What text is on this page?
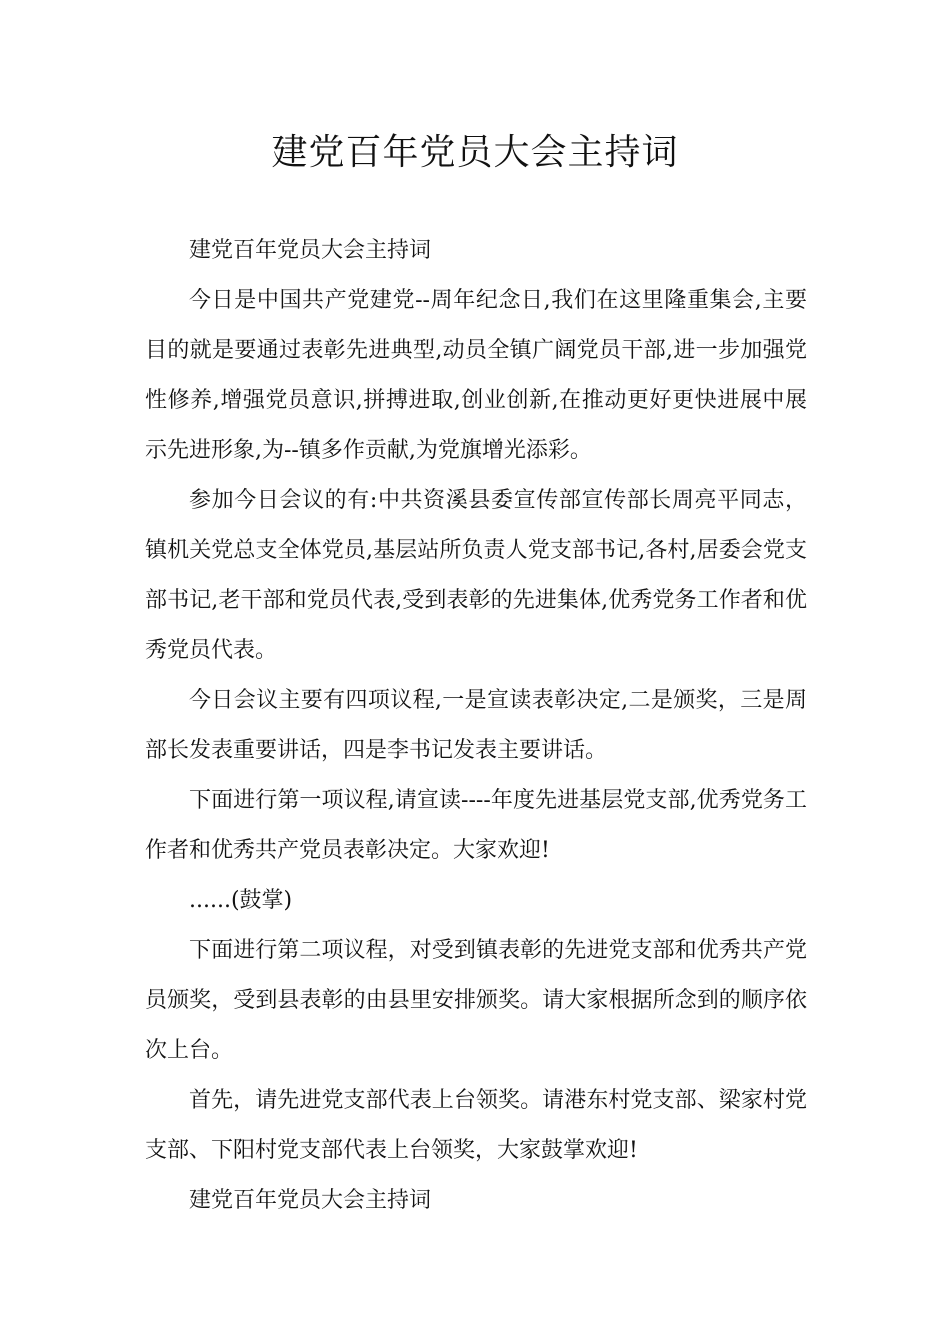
建党百年党员大会主持词

建党百年党员大会主持词

今日是中国共产党建党--周年纪念日,我们在这里隆重集会,主要目的就是要通过表彰先进典型,动员全镇广阔党员干部,进一步加强党性修养,增强党员意识,拼搏进取,创业创新,在推动更好更快进展中展示先进形象,为--镇多作贡献,为党旗增光添彩。

参加今日会议的有:中共资溪县委宣传部宣传部长周亮平同志，镇机关党总支全体党员,基层站所负责人党支部书记,各村,居委会党支部书记,老干部和党员代表,受到表彰的先进集体,优秀党务工作者和优秀党员代表。

今日会议主要有四项议程,一是宣读表彰决定,二是颁奖，三是周部长发表重要讲话，四是李书记发表主要讲话。

下面进行第一项议程,请宣读----年度先进基层党支部,优秀党务工作者和优秀共产党员表彰决定。大家欢迎!

......(鼓掌)

下面进行第二项议程，对受到镇表彰的先进党支部和优秀共产党员颁奖，受到县表彰的由县里安排颁奖。请大家根据所念到的顺序依次上台。

首先，请先进党支部代表上台领奖。请港东村党支部、梁家村党支部、下阳村党支部代表上台领奖，大家鼓掌欢迎!

建党百年党员大会主持词
